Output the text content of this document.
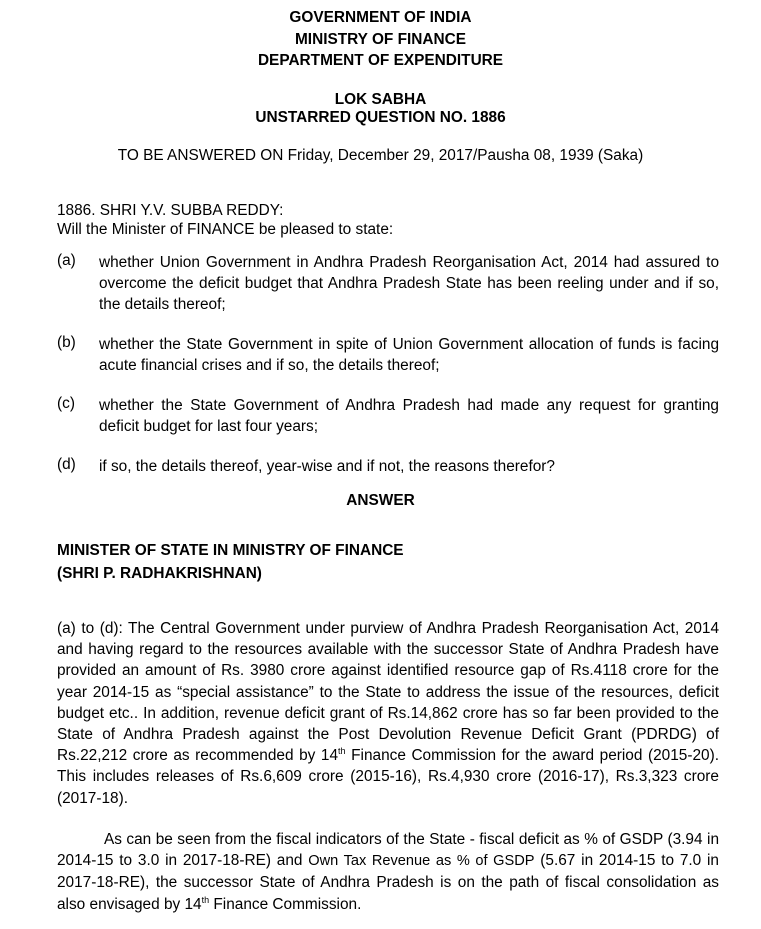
GOVERNMENT OF INDIA
MINISTRY OF FINANCE
DEPARTMENT OF EXPENDITURE
LOK SABHA
UNSTARRED QUESTION NO. 1886
TO BE ANSWERED ON Friday, December 29, 2017/Pausha 08, 1939 (Saka)
1886. SHRI Y.V. SUBBA REDDY:
Will the Minister of FINANCE be pleased to state:
(a) whether Union Government in Andhra Pradesh Reorganisation Act, 2014 had assured to overcome the deficit budget that Andhra Pradesh State has been reeling under and if so, the details thereof;
(b) whether the State Government in spite of Union Government allocation of funds is facing acute financial crises and if so, the details thereof;
(c) whether the State Government of Andhra Pradesh had made any request for granting deficit budget for last four years;
(d) if so, the details thereof, year-wise and if not, the reasons therefor?
ANSWER
MINISTER OF STATE IN MINISTRY OF FINANCE
(SHRI P. RADHAKRISHNAN)
(a) to (d): The Central Government under purview of Andhra Pradesh Reorganisation Act, 2014 and having regard to the resources available with the successor State of Andhra Pradesh have provided an amount of Rs. 3980 crore against identified resource gap of Rs.4118 crore for the year 2014-15 as “special assistance” to the State to address the issue of the resources, deficit budget etc.. In addition, revenue deficit grant of Rs.14,862 crore has so far been provided to the State of Andhra Pradesh against the Post Devolution Revenue Deficit Grant (PDRDG) of Rs.22,212 crore as recommended by 14th Finance Commission for the award period (2015-20). This includes releases of Rs.6,609 crore (2015-16), Rs.4,930 crore (2016-17), Rs.3,323 crore (2017-18).
As can be seen from the fiscal indicators of the State - fiscal deficit as % of GSDP (3.94 in 2014-15 to 3.0 in 2017-18-RE) and Own Tax Revenue as % of GSDP (5.67 in 2014-15 to 7.0 in 2017-18-RE), the successor State of Andhra Pradesh is on the path of fiscal consolidation as also envisaged by 14th Finance Commission.
